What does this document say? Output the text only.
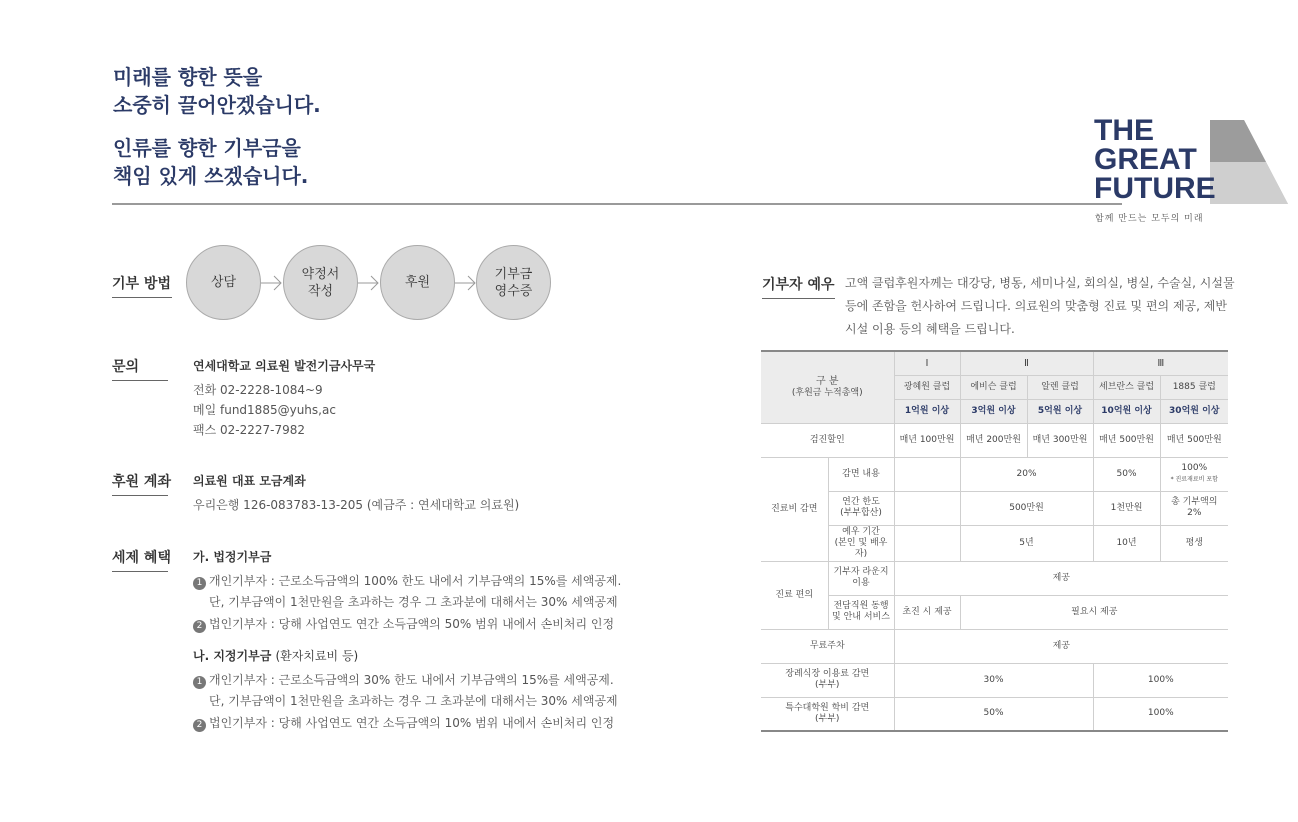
미래를 향한 뜻을
소중히 끌어안겠습니다.
인류를 향한 기부금을
책임 있게 쓰겠습니다.
THE
GREAT
FUTURE
함께 만드는 모두의 미래
기부 방법	상담
약정서
작성
후원
기부금
영수증
문의	연세대학교 의료원 발전기금사무국
전화 02-2228-1084~9
메일 fund1885@yuhs,ac
팩스 02-2227-7982
후원 계좌 의료원 대표 모금계좌
우리은행 126-083783-13-205 (예금주 : 연세대학교 의료원)
세제 혜택 가. 법정기부금
1 개인기부자 : 근로소득금액의 100% 한도 내에서 기부금액의 15%를 세액공제.
단, 기부금액이 1천만원을 초과하는 경우 그 초과분에 대해서는 30% 세액공제
2 법인기부자 : 당해 사업연도 연간 소득금액의 50% 범위 내에서 손비처리 인정
나. 지정기부금 (환자치료비 등)
1 개인기부자 : 근로소득금액의 30% 한도 내에서 기부금액의 15%를 세액공제.
단, 기부금액이 1천만원을 초과하는 경우 그 초과분에 대해서는 30% 세액공제
2 법인기부자 : 당해 사업연도 연간 소득금액의 10% 범위 내에서 손비처리 인정
기부자 예우 고액 클럽후원자께는 대강당, 병동, 세미나실, 회의실, 병실, 수술실, 시설물 등에 존함을 헌사하여 드립니다. 의료원의 맞춤형 진료 및 편의 제공, 제반 시설 이용 등의 혜택을 드립니다.
구 분
(후원금 누적총액)		Ⅰ	Ⅱ		Ⅲ	
		광혜원 클럽	에비슨 클럽	알렌 클럽	세브란스 클럽	1885 클럽
		1억원 이상	3억원 이상	5억원 이상	10억원 이상	30억원 이상
검진할인		매년 100만원	매년 200만원	매년 300만원	매년 500만원	매년 500만원
진료비 감면	감면 내용		20%		50%	100%
* 진료재료비 포함

	연간 한도
(부부합산)		500만원		1천만원	총 기부액의
2%
	예우 기간
(본인 및 배우자)		5년		10년	평생
진료 편의	기부자 라운지
이용	제공				
	전담직원 동행
및 안내 서비스	초진 시 제공	필요시 제공			
무료주차		제공				
장례식장 이용료 감면
(부부)		30%			100%	
특수대학원 학비 감면
(부부)		50%			100%	
